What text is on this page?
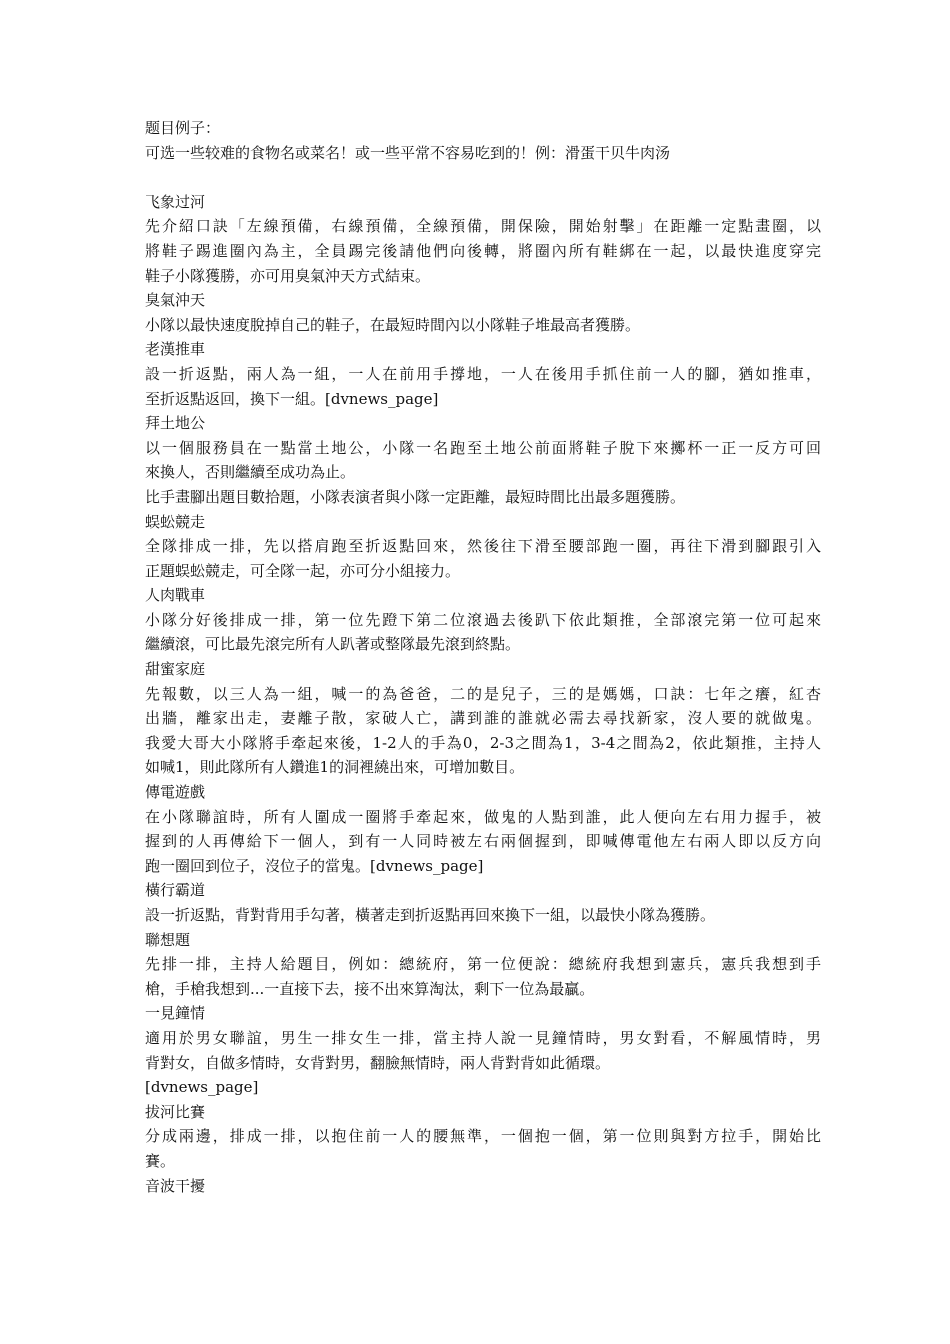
题目例子：
可选一些较难的食物名或菜名！或一些平常不容易吃到的！例：滑蛋干贝牛肉汤
飞象过河
先介紹口訣「左線預備，右線預備，全線預備，開保險，開始射擊」在距離一定點畫圈，以
將鞋子踢進圈內為主，全員踢完後請他們向後轉，將圈內所有鞋綁在一起，以最快進度穿完
鞋子小隊獲勝，亦可用臭氣沖天方式結束。
臭氣沖天
小隊以最快速度脫掉自己的鞋子，在最短時間內以小隊鞋子堆最高者獲勝。
老漢推車
設一折返點，兩人為一組，一人在前用手撐地，一人在後用手抓住前一人的腳，猶如推車，
至折返點返回，換下一組。[dvnews_page]
拜土地公
以一個服務員在一點當土地公，小隊一名跑至土地公前面將鞋子脫下來擲杯一正一反方可回
來換人，否則繼續至成功為止。
比手畫腳出題目數拾題，小隊表演者與小隊一定距離，最短時間比出最多題獲勝。
蜈蚣競走
全隊排成一排，先以搭肩跑至折返點回來，然後往下滑至腰部跑一圈，再往下滑到腳跟引入
正題蜈蚣競走，可全隊一起，亦可分小組接力。
人肉戰車
小隊分好後排成一排，第一位先蹬下第二位滾過去後趴下依此類推，全部滾完第一位可起來
繼續滾，可比最先滾完所有人趴著或整隊最先滾到終點。
甜蜜家庭
先報數，以三人為一組，喊一的為爸爸，二的是兒子，三的是媽媽，口訣：七年之癢，紅杏
出牆，離家出走，妻離子散，家破人亡，講到誰的誰就必需去尋找新家，沒人要的就做鬼。
我愛大哥大小隊將手牽起來後，1-2人的手為0，2-3之間為1，3-4之間為2，依此類推，主持人
如喊1，則此隊所有人鑽進1的洞裡繞出來，可增加數目。
傳電遊戲
在小隊聯誼時，所有人圍成一圈將手牽起來，做鬼的人點到誰，此人便向左右用力握手，被
握到的人再傳給下一個人，到有一人同時被左右兩個握到，即喊傳電他左右兩人即以反方向
跑一圈回到位子，沒位子的當鬼。[dvnews_page]
橫行霸道
設一折返點，背對背用手勾著，橫著走到折返點再回來換下一組，以最快小隊為獲勝。
聯想題
先排一排，主持人給題目，例如：總統府，第一位便說：總統府我想到憲兵，憲兵我想到手
槍，手槍我想到...一直接下去，接不出來算淘汰，剩下一位為最贏。
一見鐘情
適用於男女聯誼，男生一排女生一排，當主持人說一見鐘情時，男女對看，不解風情時，男
背對女，自做多情時，女背對男，翻臉無情時，兩人背對背如此循環。
[dvnews_page]
拔河比賽
分成兩邊，排成一排，以抱住前一人的腰無準，一個抱一個，第一位則與對方拉手，開始比
賽。
音波干擾
